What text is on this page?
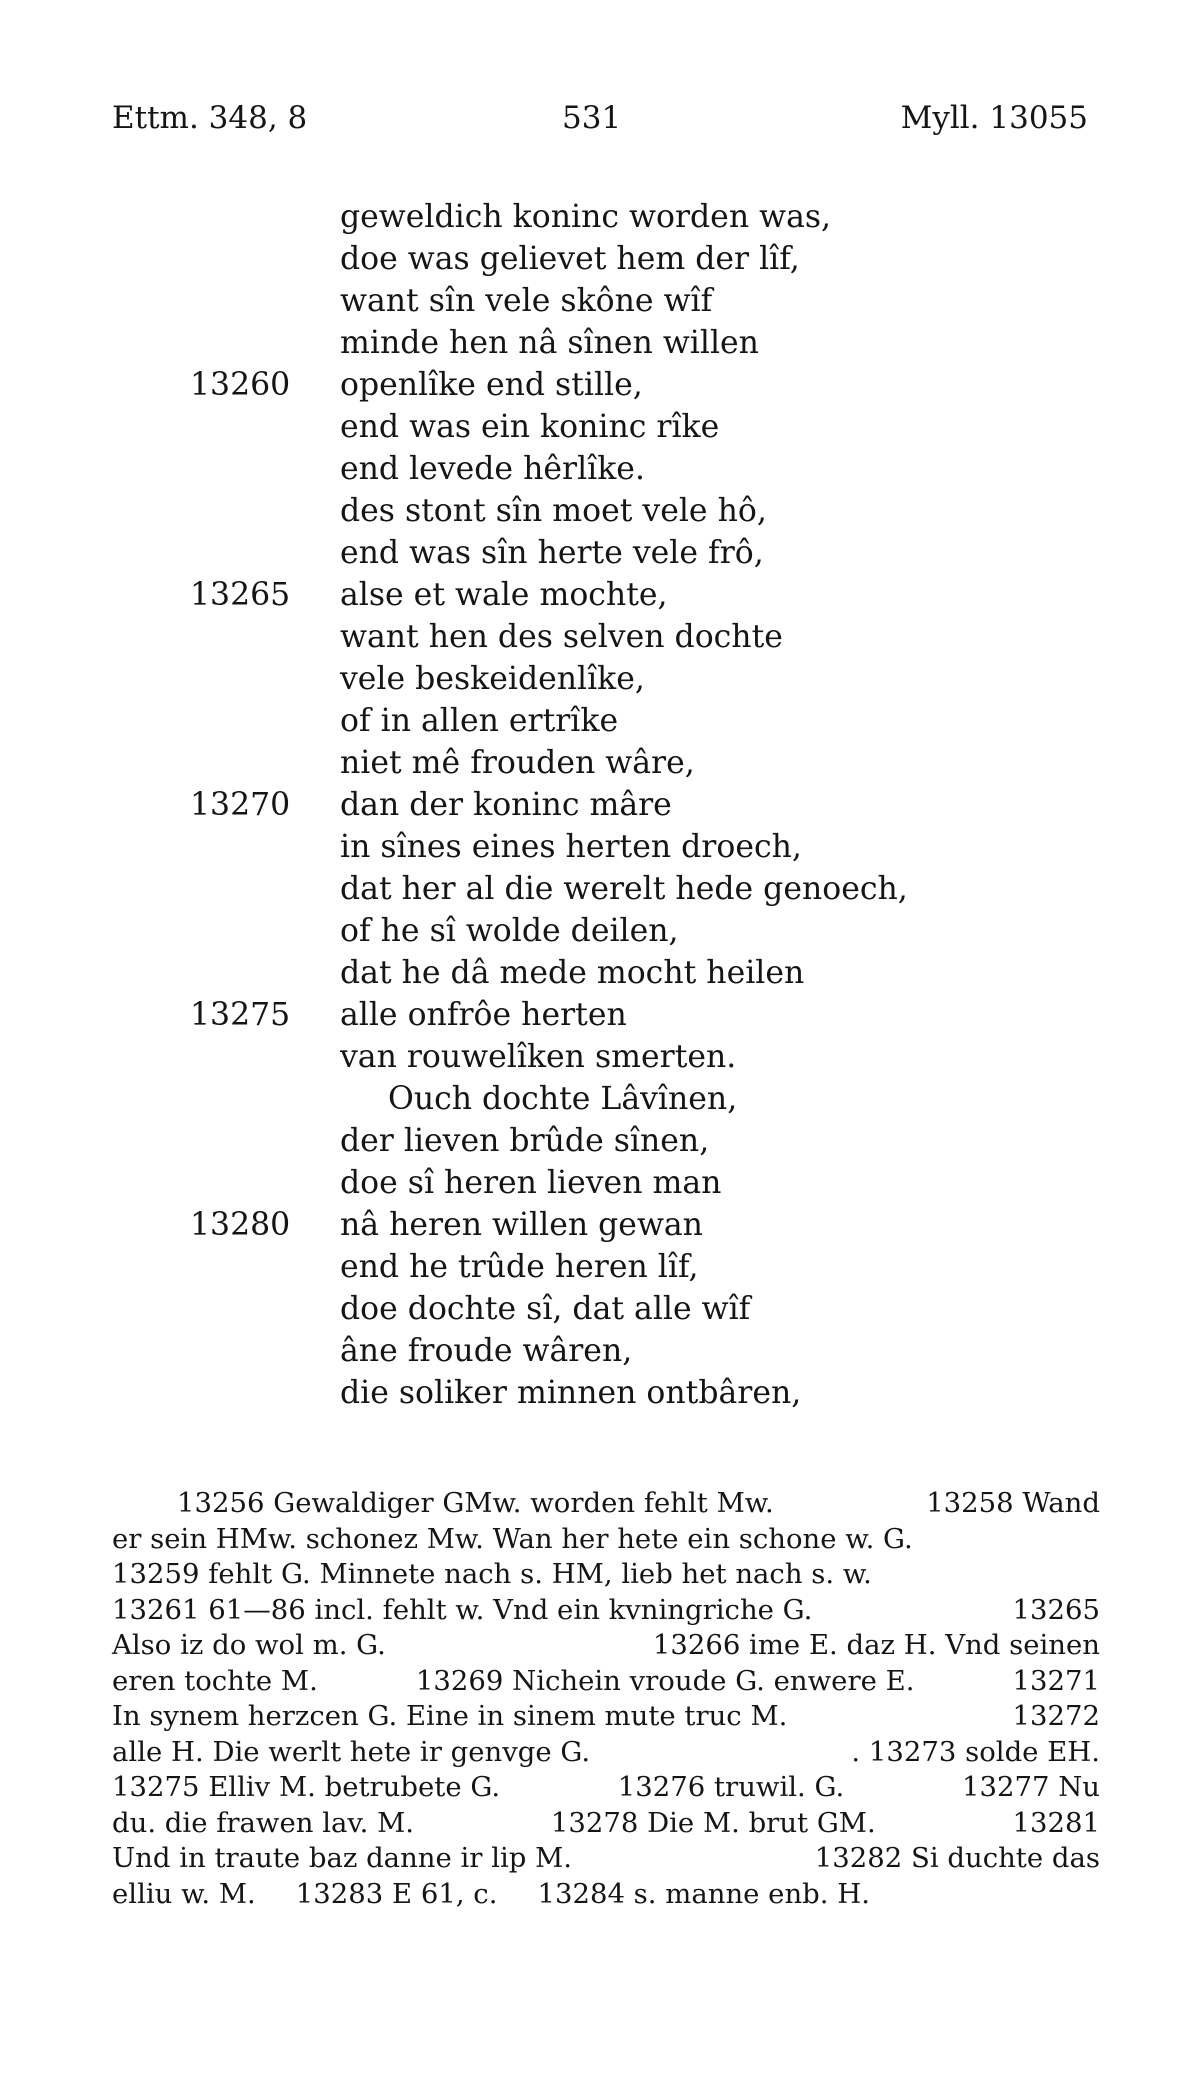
Ettm. 348, 8	531	Myll. 13055
geweldich koninc worden was,
doe was gelievet hem der lîf,
want sîn vele skône wîf
minde hen nâ sînen willen
13260	openlîke end stille,
end was ein koninc rîke
end levede hêrlîke.
des stont sîn moet vele hô,
end was sîn herte vele frô,
13265	alse et wale mochte,
want hen des selven dochte
vele beskeidenlîke,
of in allen ertrîke
niet mê frouden wâre,
13270	dan der koninc mâre
in sînes eines herten droech,
dat her al die werelt hede genoech,
of he sî wolde deilen,
dat he dâ mede mocht heilen
13275	alle onfrôe herten
van rouwelîken smerten.
Ouch dochte Lâvînen,
der lieven brûde sînen,
doe sî heren lieven man
13280	nâ heren willen gewan
end he trûde heren lîf,
doe dochte sî, dat alle wîf
âne froude wâren,
die soliker minnen ontbâren,
13256 Gewaldiger GMw. worden fehlt Mw.	13258 Wand
er sein HMw. schonez Mw. Wan her hete ein schone w. G.
13259 fehlt G. Minnete nach s. HM, lieb het nach s. w.
13261 61—86 incl. fehlt w. Vnd ein kvningriche G.	13265
Also iz do wol m. G.	13266 ime E. daz H. Vnd seinen
eren tochte M.	13269 Nichein vroude G. enwere E.	13271
In synem herzcen G. Eine in sinem mute truc M.	13272
alle H. Die werlt hete ir genvge G.	. 13273 solde EH.
13275 Elliv M. betrubete G.	13276 truwil. G.	13277 Nu
du. die frawen lav. M.	13278 Die M. brut GM.	13281
Und in traute baz danne ir lip M.	13282 Si duchte das
elliu w. M. 13283 E 61, c. 13284 s. manne enb. H.
